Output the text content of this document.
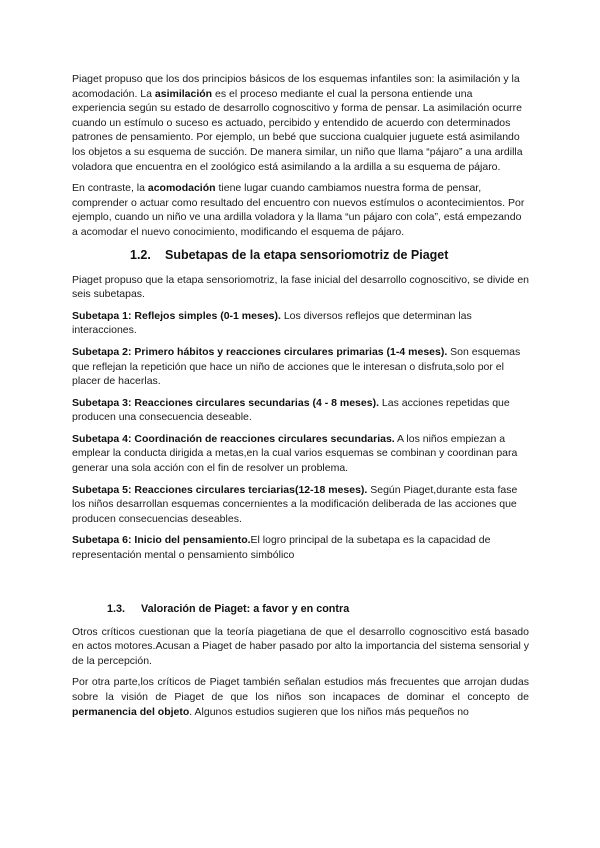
Piaget propuso que los dos principios básicos de los esquemas infantiles son: la asimilación y la acomodación. La asimilación es el proceso mediante el cual la persona entiende una experiencia según su estado de desarrollo cognoscitivo y forma de pensar. La asimilación ocurre cuando un estímulo o suceso es actuado, percibido y entendido de acuerdo con determinados patrones de pensamiento. Por ejemplo, un bebé que succiona cualquier juguete está asimilando los objetos a su esquema de succión. De manera similar, un niño que llama “pájaro” a una ardilla voladora que encuentra en el zoológico está asimilando a la ardilla a su esquema de pájaro.

En contraste, la acomodación tiene lugar cuando cambiamos nuestra forma de pensar, comprender o actuar como resultado del encuentro con nuevos estímulos o acontecimientos. Por ejemplo, cuando un niño ve una ardilla voladora y la llama “un pájaro con cola”, está empezando a acomodar el nuevo conocimiento, modificando el esquema de pájaro.

1.2. Subetapas de la etapa sensoriomotriz de Piaget

Piaget propuso que la etapa sensoriomotriz, la fase inicial del desarrollo cognoscitivo, se divide en seis subetapas.

Subetapa 1: Reflejos simples (0-1 meses). Los diversos reflejos que determinan las interacciones.

Subetapa 2: Primero hábitos y reacciones circulares primarias (1-4 meses). Son esquemas que reflejan la repetición que hace un niño de acciones que le interesan o disfruta,solo por el placer de hacerlas.

Subetapa 3: Reacciones circulares secundarias (4 - 8 meses). Las acciones repetidas que producen una consecuencia deseable.

Subetapa 4: Coordinación de reacciones circulares secundarias. A los niños empiezan a emplear la conducta dirigida a metas,en la cual varios esquemas se combinan y coordinan para generar una sola acción con el fin de resolver un problema.

Subetapa 5: Reacciones circulares terciarias(12-18 meses). Según Piaget,durante esta fase los niños desarrollan esquemas concernientes a la modificación deliberada de las acciones que producen consecuencias deseables.

Subetapa 6: Inicio del pensamiento.El logro principal de la subetapa es la capacidad de representación mental o pensamiento simbólico

1.3. Valoración de Piaget: a favor y en contra

Otros críticos cuestionan que la teoría piagetiana de que el desarrollo cognoscitivo está basado en actos motores.Acusan a Piaget de haber pasado por alto la importancia del sistema sensorial y de la percepción.

Por otra parte,los críticos de Piaget también señalan estudios más frecuentes que arrojan dudas sobre la visión de Piaget de que los niños son incapaces de dominar el concepto de permanencia del objeto. Algunos estudios sugieren que los niños más pequeños no
